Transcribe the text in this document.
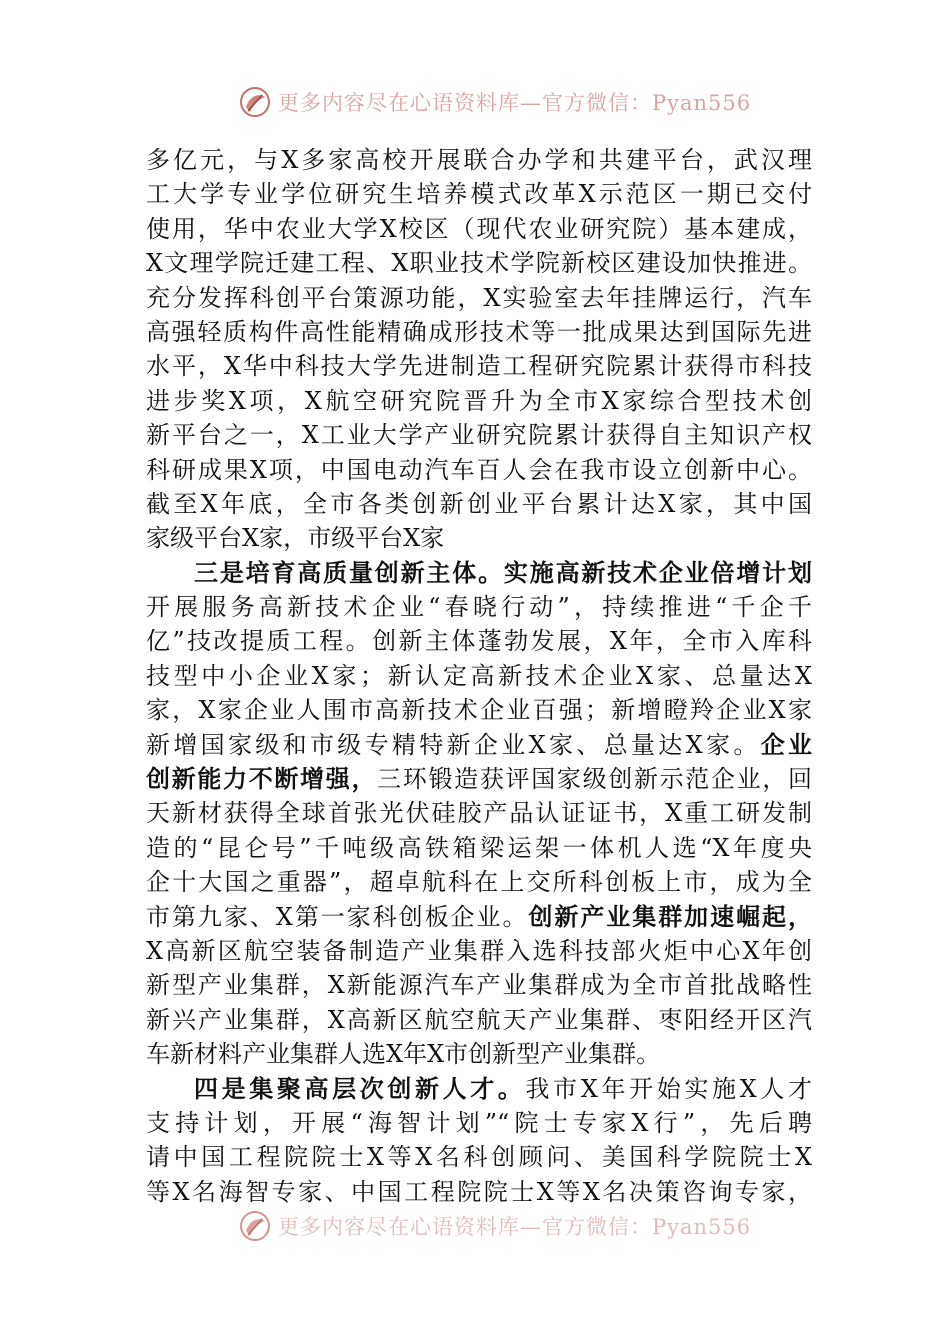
更多内容尽在心语资料库—官方微信：Pyan556
多亿元，与X多家高校开展联合办学和共建平台，武汉理
工大学专业学位研究生培养模式改革X示范区一期已交付
使用，华中农业大学X校区（现代农业研究院）基本建成，
X文理学院迁建工程、X职业技术学院新校区建设加快推进。
充分发挥科创平台策源功能，X实验室去年挂牌运行，汽车
高强轻质构件高性能精确成形技术等一批成果达到国际先进
水平，X华中科技大学先进制造工程研究院累计获得市科技
进步奖X项，X航空研究院晋升为全市X家综合型技术创
新平台之一，X工业大学产业研究院累计获得自主知识产权
科研成果X项，中国电动汽车百人会在我市设立创新中心。
截至X年底，全市各类创新创业平台累计达X家，其中国
家级平台X家，市级平台X家
三是培育高质量创新主体。实施高新技术企业倍增计划
开展服务高新技术企业“春晓行动”，持续推进“千企千
亿”技改提质工程。创新主体蓬勃发展，X年，全市入库科
技型中小企业X家；新认定高新技术企业X家、总量达X
家，X家企业人围市高新技术企业百强；新增瞪羚企业X家
新增国家级和市级专精特新企业X家、总量达X家。企业
创新能力不断增强，三环锻造获评国家级创新示范企业，回
天新材获得全球首张光伏硅胶产品认证证书，X重工研发制
造的“昆仑号”千吨级高铁箱梁运架一体机人选“X年度央
企十大国之重器”，超卓航科在上交所科创板上市，成为全
市第九家、X第一家科创板企业。创新产业集群加速崛起，
X高新区航空装备制造产业集群入选科技部火炬中心X年创
新型产业集群，X新能源汽车产业集群成为全市首批战略性
新兴产业集群，X高新区航空航天产业集群、枣阳经开区汽
车新材料产业集群人选X年X市创新型产业集群。
四是集聚高层次创新人才。我市X年开始实施X人才
支持计划，开展“海智计划”“院士专家X行”，先后聘
请中国工程院院士X等X名科创顾问、美国科学院院士X
等X名海智专家、中国工程院院士X等X名决策咨询专家，
更多内容尽在心语资料库—官方微信：Pyan556
